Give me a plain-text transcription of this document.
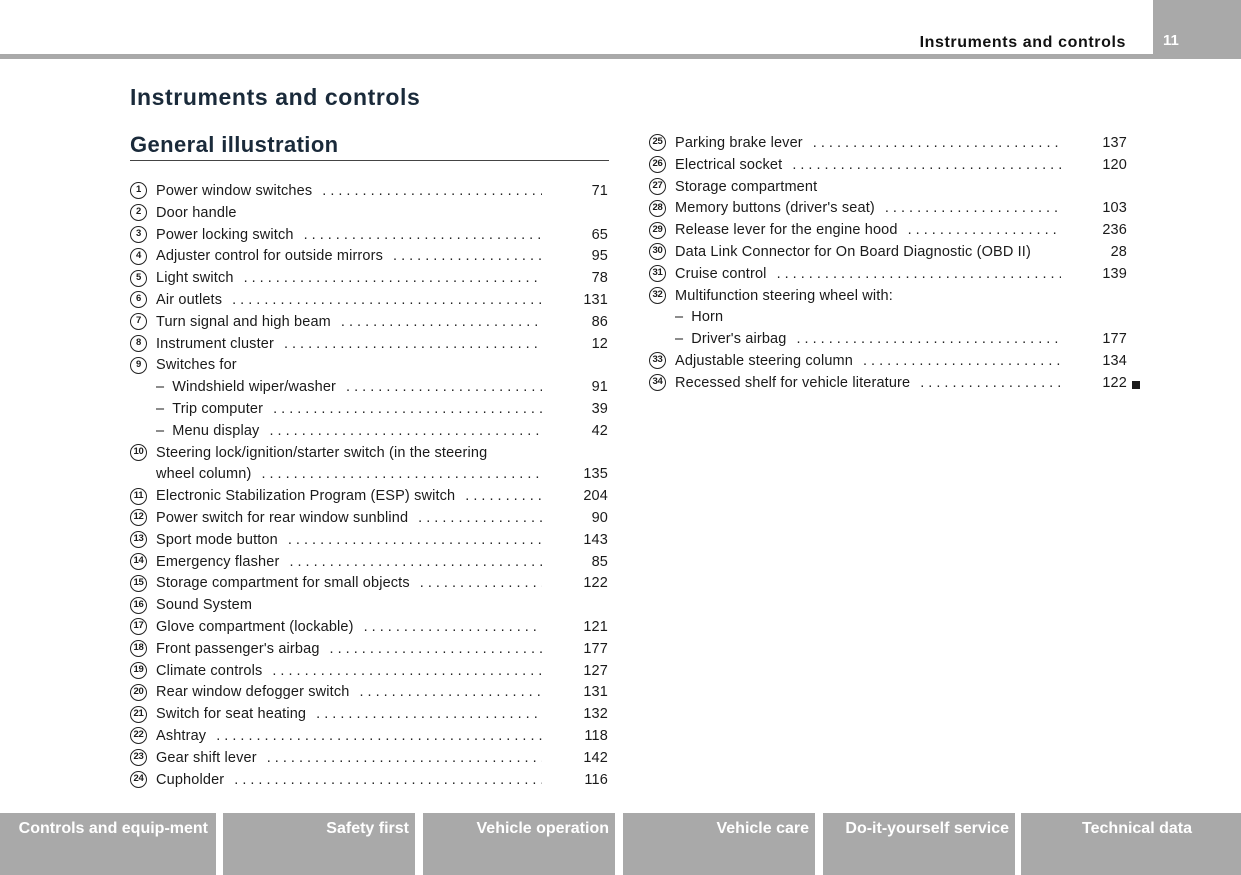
Instruments and controls 11
Instruments and controls
General illustration
1	Power window switches . . .	71
2	Door handle
3	Power locking switch . . .	65
4	Adjuster control for outside mirrors . . .	95
5	Light switch . . .	78
6	Air outlets . . .	131
7	Turn signal and high beam . . .	86
8	Instrument cluster . . .	12
9	Switches for
– Windshield wiper/washer . . .	91
– Trip computer . . .	39
– Menu display . . .	42
10 Steering lock/ignition/starter switch (in the steering
wheel column) . . .	135
11 Electronic Stabilization Program (ESP) switch . . .	204
12 Power switch for rear window sunblind . . .	90
13 Sport mode button . . .	143
14 Emergency flasher . . .	85
15 Storage compartment for small objects . . .	122
16 Sound System
17 Glove compartment (lockable) . . .	121
18 Front passenger's airbag . . .	177
19 Climate controls . . .	127
20 Rear window defogger switch . . .	131
21 Switch for seat heating . . .	132
22 Ashtray . . .	118
23 Gear shift lever . . .	142
24 Cupholder . . .	116
25 Parking brake lever . . .	137
26 Electrical socket . . .	120
27 Storage compartment
28 Memory buttons (driver's seat) . . .	103
29 Release lever for the engine hood . . .	236
30 Data Link Connector for On Board Diagnostic (OBD II)	28
31 Cruise control . . .	139
32 Multifunction steering wheel with:
– Horn
– Driver's airbag . . .	177
33 Adjustable steering column . . .	134
34 Recessed shelf for vehicle literature . . .	122
Controls and equip-ment	Safety first	Vehicle operation	Vehicle care	Do-it-yourself service	Technical data
